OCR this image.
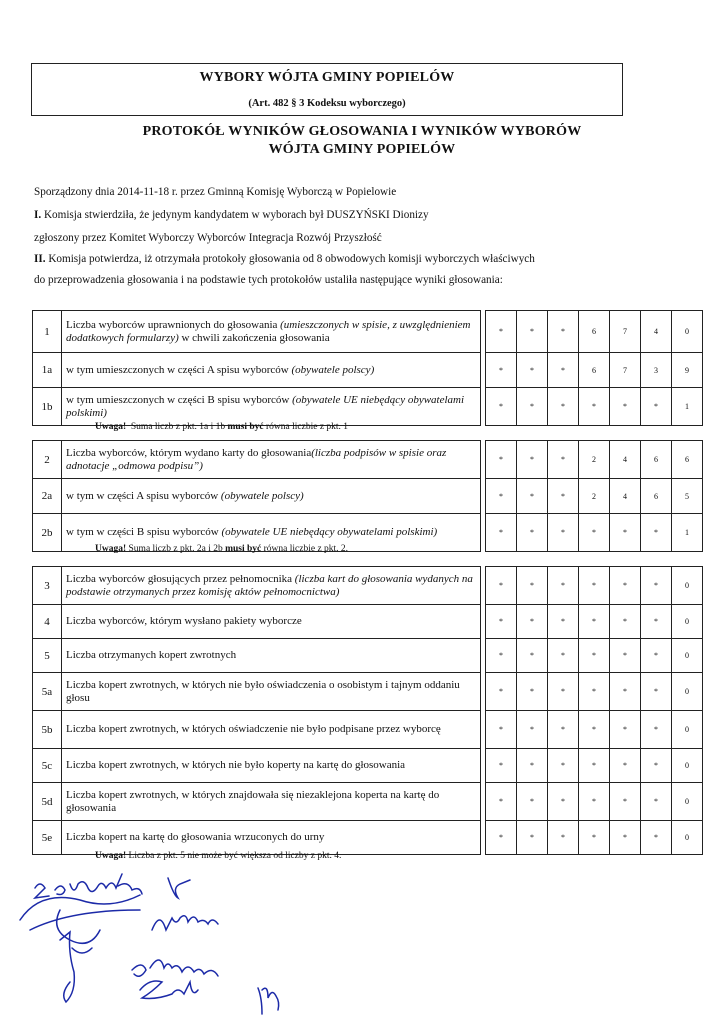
WYBORY WÓJTA GMINY POPIELÓW
(Art. 482 § 3 Kodeksu wyborczego)
PROTOKÓŁ WYNIKÓW GŁOSOWANIA I WYNIKÓW WYBORÓW
WÓJTA GMINY POPIELÓW
Sporządzony dnia 2014-11-18 r. przez Gminną Komisję Wyborczą w Popielowie
I. Komisja stwierdziła, że jedynym kandydatem w wyborach był DUSZYŃSKI Dionizy
zgłoszony przez Komitet Wyborczy Wyborców Integracja Rozwój Przyszłość
II. Komisja potwierdza, iż otrzymała protokoły głosowania od 8 obwodowych komisji wyborczych właściwych
do przeprowadzenia głosowania i na podstawie tych protokołów ustaliła następujące wyniki głosowania:
1	Liczba wyborców uprawnionych do głosowania (umieszczonych w spisie, z uwzględnieniem dodatkowych formularzy) w chwili zakończenia głosowania		*	*	*	6	7	4	0
1a	w tym umieszczonych w części A spisu wyborców (obywatele polscy)		*	*	*	6	7	3	9
1b	w tym umieszczonych w części B spisu wyborców (obywatele UE niebędący obywatelami polskimi)		*	*	*	*	*	*	1
Uwaga! Suma liczb z pkt. 1a i 1b musi być równa liczbie z pkt. 1
2	Liczba wyborców, którym wydano karty do głosowania(liczba podpisów w spisie oraz adnotacje „odmowa podpisu”)		*	*	*	2	4	6	6
2a	w tym w części A spisu wyborców (obywatele polscy)		*	*	*	2	4	6	5
2b	w tym w części B spisu wyborców (obywatele UE niebędący obywatelami polskimi)		*	*	*	*	*	*	1
Uwaga! Suma liczb z pkt. 2a i 2b musi być równa liczbie z pkt. 2.
3	Liczba wyborców głosujących przez pełnomocnika (liczba kart do głosowania wydanych na podstawie otrzymanych przez komisję aktów pełnomocnictwa)		*	*	*	*	*	*	0
4	Liczba wyborców, którym wysłano pakiety wyborcze		*	*	*	*	*	*	0
5	Liczba otrzymanych kopert zwrotnych		*	*	*	*	*	*	0
5a	Liczba kopert zwrotnych, w których nie było oświadczenia o osobistym i tajnym oddaniu głosu		*	*	*	*	*	*	0
5b	Liczba kopert zwrotnych, w których oświadczenie nie było podpisane przez wyborcę		*	*	*	*	*	*	0
5c	Liczba kopert zwrotnych, w których nie było koperty na kartę do głosowania		*	*	*	*	*	*	0
5d	Liczba kopert zwrotnych, w których znajdowała się niezaklejona koperta na kartę do głosowania		*	*	*	*	*	*	0
5e	Liczba kopert na kartę do głosowania wrzuconych do urny		*	*	*	*	*	*	0
Uwaga! Liczba z pkt. 5 nie może być większa od liczby z pkt. 4.
